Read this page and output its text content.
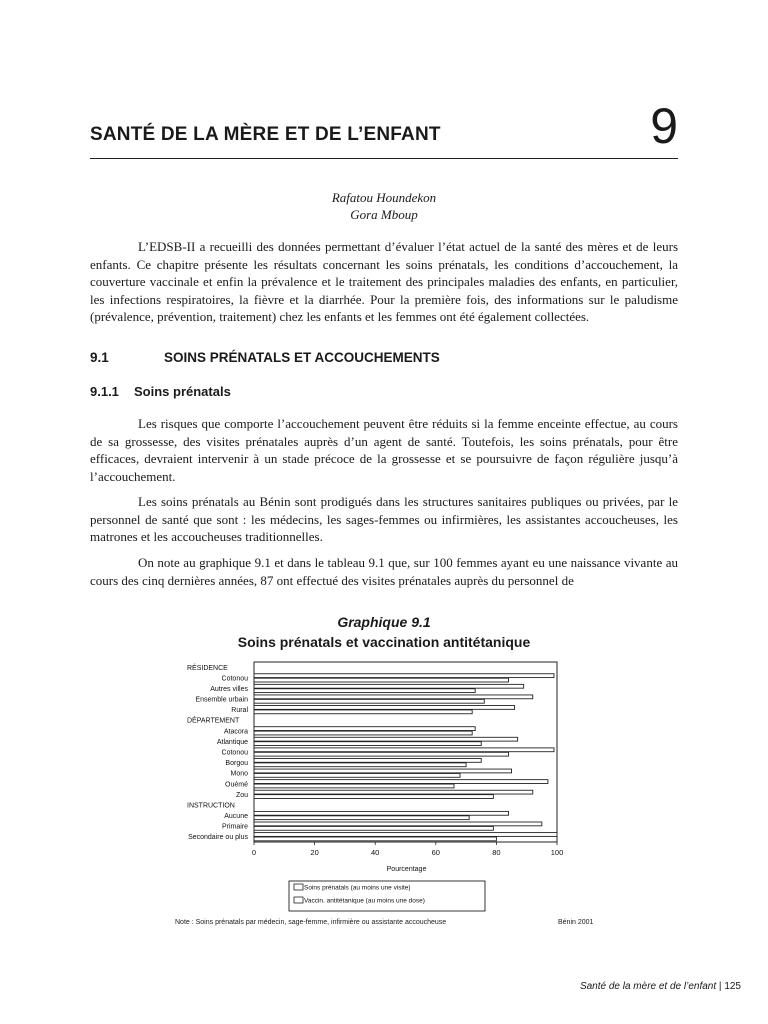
SANTÉ DE LA MÈRE ET DE L’ENFANT	9
Rafatou Houndekon
Gora Mboup
L’EDSB-II a recueilli des données permettant d’évaluer l’état actuel de la santé des mères et de leurs enfants. Ce chapitre présente les résultats concernant les soins prénatals, les conditions d’accouchement, la couverture vaccinale et enfin la prévalence et le traitement des principales maladies des enfants, en particulier, les infections respiratoires, la fièvre et la diarrhée. Pour la première fois, des informations sur le paludisme (prévalence, prévention, traitement) chez les enfants et les femmes ont été également collectées.
9.1	SOINS PRÉNATALS ET ACCOUCHEMENTS
9.1.1 Soins prénatals
Les risques que comporte l’accouchement peuvent être réduits si la femme enceinte effectue, au cours de sa grossesse, des visites prénatales auprès d’un agent de santé. Toutefois, les soins prénatals, pour être efficaces, devraient intervenir à un stade précoce de la grossesse et se poursuivre de façon régulière jusqu’à l’accouchement.
Les soins prénatals au Bénin sont prodigués dans les structures sanitaires publiques ou privées, par le personnel de santé que sont : les médecins, les sages-femmes ou infirmières, les assistantes accoucheuses, les matrones et les accoucheuses traditionnelles.
On note au graphique 9.1 et dans le tableau 9.1 que, sur 100 femmes ayant eu une naissance vivante au cours des cinq dernières années, 87 ont effectué des visites prénatales auprès du personnel de
Graphique 9.1
Soins prénatals et vaccination antitétanique
RÉSIDENCE
Cotonou
Autres villes
Ensemble urbain
Rural
DÉPARTEMENT
Atacora
Atlantique
Cotonou
Borgou
Mono
Ouémé
Zou
INSTRUCTION
Aucune
Primaire
Secondaire ou plus
0	20	40	60	80	100
Pourcentage
Soins prénatals (au moins une visite)
Vaccin. antitétanique (au moins une dose)
Note : Soins prénatals par médecin, sage-femme, infirmière ou assistante accoucheuse	Bénin 2001
Santé de la mère et de l’enfant | 125
